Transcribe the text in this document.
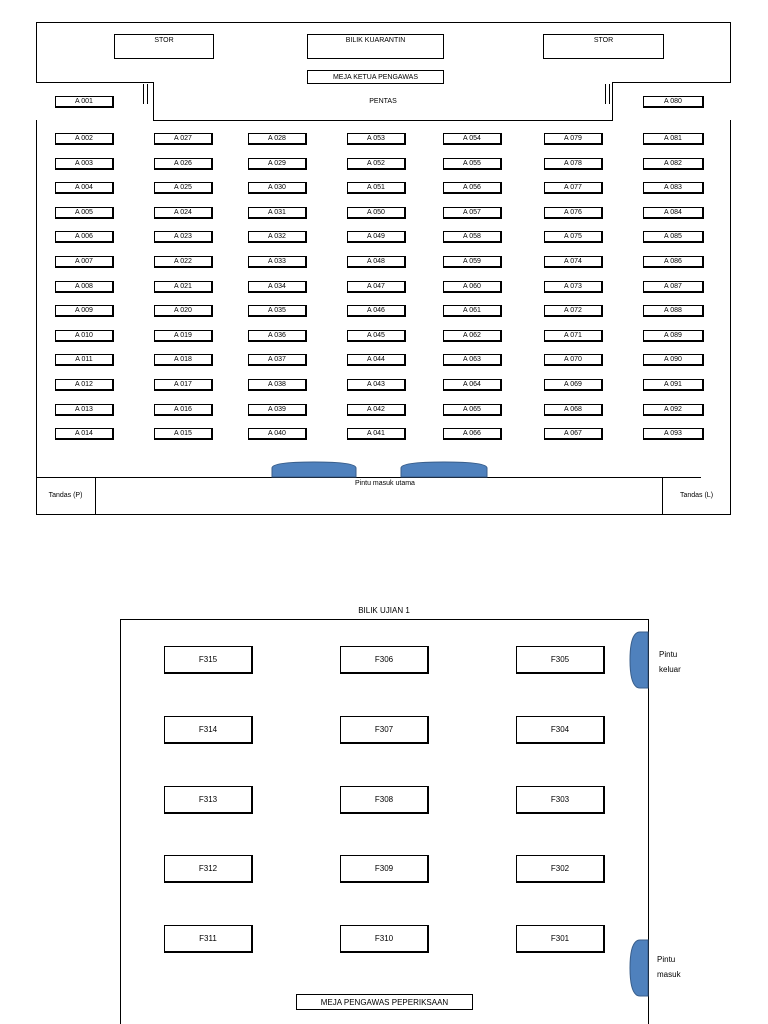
STOR	BILIK KUARANTIN	STOR
MEJA KETUA PENGAWAS
PENTAS
A 001	A 080
A 002
A 003
A 004
A 005
A 006
A 007
A 008
A 009
A 010
A 011
A 012
A 013
A 014
A 027
A 026
A 025
A 024
A 023
A 022
A 021
A 020
A 019
A 018
A 017
A 016
A 015
A 028
A 029
A 030
A 031
A 032
A 033
A 034
A 035
A 036
A 037
A 038
A 039
A 040
A 053
A 052
A 051
A 050
A 049
A 048
A 047
A 046
A 045
A 044
A 043
A 042
A 041
A 054
A 055
A 056
A 057
A 058
A 059
A 060
A 061
A 062
A 063
A 064
A 065
A 066
A 079
A 078
A 077
A 076
A 075
A 074
A 073
A 072
A 071
A 070
A 069
A 068
A 067
A 081
A 082
A 083
A 084
A 085
A 086
A 087
A 088
A 089
A 090
A 091
A 092
A 093
Pintu masuk utama
Tandas (P)	Tandas (L)
BILIK UJIAN 1
F315	F306	F305
F314	F307	F304
F313	F308	F303
F312	F309	F302
F311	F310	F301
Pintu
keluar
Pintu
masuk
MEJA PENGAWAS PEPERIKSAAN
